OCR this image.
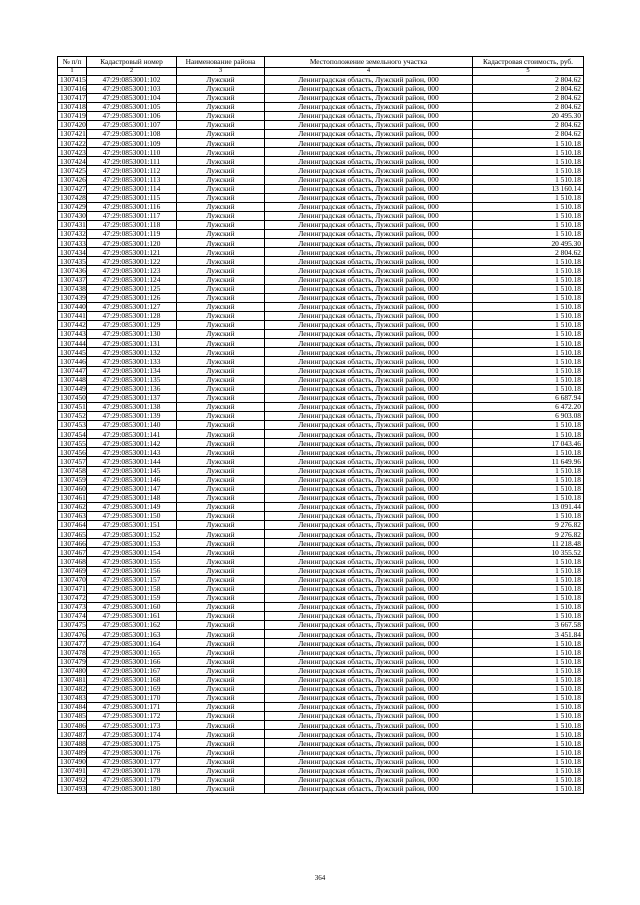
№ п/п	Кадастровый номер	Наименование района	Местоположение земельного участка	Кадастровая стоимость, руб.
1	2	3	4	5
1307415	47:29:0853001:102	Лужский	Ленинградская область, Лужский район, 000	2 804.62
1307416	47:29:0853001:103	Лужский	Ленинградская область, Лужский район, 000	2 804.62
1307417	47:29:0853001:104	Лужский	Ленинградская область, Лужский район, 000	2 804.62
1307418	47:29:0853001:105	Лужский	Ленинградская область, Лужский район, 000	2 804.62
1307419	47:29:0853001:106	Лужский	Ленинградская область, Лужский район, 000	20 495.30
1307420	47:29:0853001:107	Лужский	Ленинградская область, Лужский район, 000	2 804.62
1307421	47:29:0853001:108	Лужский	Ленинградская область, Лужский район, 000	2 804.62
1307422	47:29:0853001:109	Лужский	Ленинградская область, Лужский район, 000	1 510.18
1307423	47:29:0853001:110	Лужский	Ленинградская область, Лужский район, 000	1 510.18
1307424	47:29:0853001:111	Лужский	Ленинградская область, Лужский район, 000	1 510.18
1307425	47:29:0853001:112	Лужский	Ленинградская область, Лужский район, 000	1 510.18
1307426	47:29:0853001:113	Лужский	Ленинградская область, Лужский район, 000	1 510.18
1307427	47:29:0853001:114	Лужский	Ленинградская область, Лужский район, 000	13 160.14
1307428	47:29:0853001:115	Лужский	Ленинградская область, Лужский район, 000	1 510.18
1307429	47:29:0853001:116	Лужский	Ленинградская область, Лужский район, 000	1 510.18
1307430	47:29:0853001:117	Лужский	Ленинградская область, Лужский район, 000	1 510.18
1307431	47:29:0853001:118	Лужский	Ленинградская область, Лужский район, 000	1 510.18
1307432	47:29:0853001:119	Лужский	Ленинградская область, Лужский район, 000	1 510.18
1307433	47:29:0853001:120	Лужский	Ленинградская область, Лужский район, 000	20 495.30
1307434	47:29:0853001:121	Лужский	Ленинградская область, Лужский район, 000	2 804.62
1307435	47:29:0853001:122	Лужский	Ленинградская область, Лужский район, 000	1 510.18
1307436	47:29:0853001:123	Лужский	Ленинградская область, Лужский район, 000	1 510.18
1307437	47:29:0853001:124	Лужский	Ленинградская область, Лужский район, 000	1 510.18
1307438	47:29:0853001:125	Лужский	Ленинградская область, Лужский район, 000	1 510.18
1307439	47:29:0853001:126	Лужский	Ленинградская область, Лужский район, 000	1 510.18
1307440	47:29:0853001:127	Лужский	Ленинградская область, Лужский район, 000	1 510.18
1307441	47:29:0853001:128	Лужский	Ленинградская область, Лужский район, 000	1 510.18
1307442	47:29:0853001:129	Лужский	Ленинградская область, Лужский район, 000	1 510.18
1307443	47:29:0853001:130	Лужский	Ленинградская область, Лужский район, 000	1 510.18
1307444	47:29:0853001:131	Лужский	Ленинградская область, Лужский район, 000	1 510.18
1307445	47:29:0853001:132	Лужский	Ленинградская область, Лужский район, 000	1 510.18
1307446	47:29:0853001:133	Лужский	Ленинградская область, Лужский район, 000	1 510.18
1307447	47:29:0853001:134	Лужский	Ленинградская область, Лужский район, 000	1 510.18
1307448	47:29:0853001:135	Лужский	Ленинградская область, Лужский район, 000	1 510.18
1307449	47:29:0853001:136	Лужский	Ленинградская область, Лужский район, 000	1 510.18
1307450	47:29:0853001:137	Лужский	Ленинградская область, Лужский район, 000	6 687.94
1307451	47:29:0853001:138	Лужский	Ленинградская область, Лужский район, 000	6 472.20
1307452	47:29:0853001:139	Лужский	Ленинградская область, Лужский район, 000	6 903.08
1307453	47:29:0853001:140	Лужский	Ленинградская область, Лужский район, 000	1 510.18
1307454	47:29:0853001:141	Лужский	Ленинградская область, Лужский район, 000	1 510.18
1307455	47:29:0853001:142	Лужский	Ленинградская область, Лужский район, 000	17 043.46
1307456	47:29:0853001:143	Лужский	Ленинградская область, Лужский район, 000	1 510.18
1307457	47:29:0853001:144	Лужский	Ленинградская область, Лужский район, 000	11 649.96
1307458	47:29:0853001:145	Лужский	Ленинградская область, Лужский район, 000	1 510.18
1307459	47:29:0853001:146	Лужский	Ленинградская область, Лужский район, 000	1 510.18
1307460	47:29:0853001:147	Лужский	Ленинградская область, Лужский район, 000	1 510.18
1307461	47:29:0853001:148	Лужский	Ленинградская область, Лужский район, 000	1 510.18
1307462	47:29:0853001:149	Лужский	Ленинградская область, Лужский район, 000	13 091.44
1307463	47:29:0853001:150	Лужский	Ленинградская область, Лужский район, 000	1 510.18
1307464	47:29:0853001:151	Лужский	Ленинградская область, Лужский район, 000	9 276.82
1307465	47:29:0853001:152	Лужский	Ленинградская область, Лужский район, 000	9 276.82
1307466	47:29:0853001:153	Лужский	Ленинградская область, Лужский район, 000	11 218.48
1307467	47:29:0853001:154	Лужский	Ленинградская область, Лужский район, 000	10 355.52
1307468	47:29:0853001:155	Лужский	Ленинградская область, Лужский район, 000	1 510.18
1307469	47:29:0853001:156	Лужский	Ленинградская область, Лужский район, 000	1 510.18
1307470	47:29:0853001:157	Лужский	Ленинградская область, Лужский район, 000	1 510.18
1307471	47:29:0853001:158	Лужский	Ленинградская область, Лужский район, 000	1 510.18
1307472	47:29:0853001:159	Лужский	Ленинградская область, Лужский район, 000	1 510.18
1307473	47:29:0853001:160	Лужский	Ленинградская область, Лужский район, 000	1 510.18
1307474	47:29:0853001:161	Лужский	Ленинградская область, Лужский район, 000	1 510.18
1307475	47:29:0853001:162	Лужский	Ленинградская область, Лужский район, 000	3 667.58
1307476	47:29:0853001:163	Лужский	Ленинградская область, Лужский район, 000	3 451.84
1307477	47:29:0853001:164	Лужский	Ленинградская область, Лужский район, 000	1 510.18
1307478	47:29:0853001:165	Лужский	Ленинградская область, Лужский район, 000	1 510.18
1307479	47:29:0853001:166	Лужский	Ленинградская область, Лужский район, 000	1 510.18
1307480	47:29:0853001:167	Лужский	Ленинградская область, Лужский район, 000	1 510.18
1307481	47:29:0853001:168	Лужский	Ленинградская область, Лужский район, 000	1 510.18
1307482	47:29:0853001:169	Лужский	Ленинградская область, Лужский район, 000	1 510.18
1307483	47:29:0853001:170	Лужский	Ленинградская область, Лужский район, 000	1 510.18
1307484	47:29:0853001:171	Лужский	Ленинградская область, Лужский район, 000	1 510.18
1307485	47:29:0853001:172	Лужский	Ленинградская область, Лужский район, 000	1 510.18
1307486	47:29:0853001:173	Лужский	Ленинградская область, Лужский район, 000	1 510.18
1307487	47:29:0853001:174	Лужский	Ленинградская область, Лужский район, 000	1 510.18
1307488	47:29:0853001:175	Лужский	Ленинградская область, Лужский район, 000	1 510.18
1307489	47:29:0853001:176	Лужский	Ленинградская область, Лужский район, 000	1 510.18
1307490	47:29:0853001:177	Лужский	Ленинградская область, Лужский район, 000	1 510.18
1307491	47:29:0853001:178	Лужский	Ленинградская область, Лужский район, 000	1 510.18
1307492	47:29:0853001:179	Лужский	Ленинградская область, Лужский район, 000	1 510.18
1307493	47:29:0853001:180	Лужский	Ленинградская область, Лужский район, 000	1 510.18
364
